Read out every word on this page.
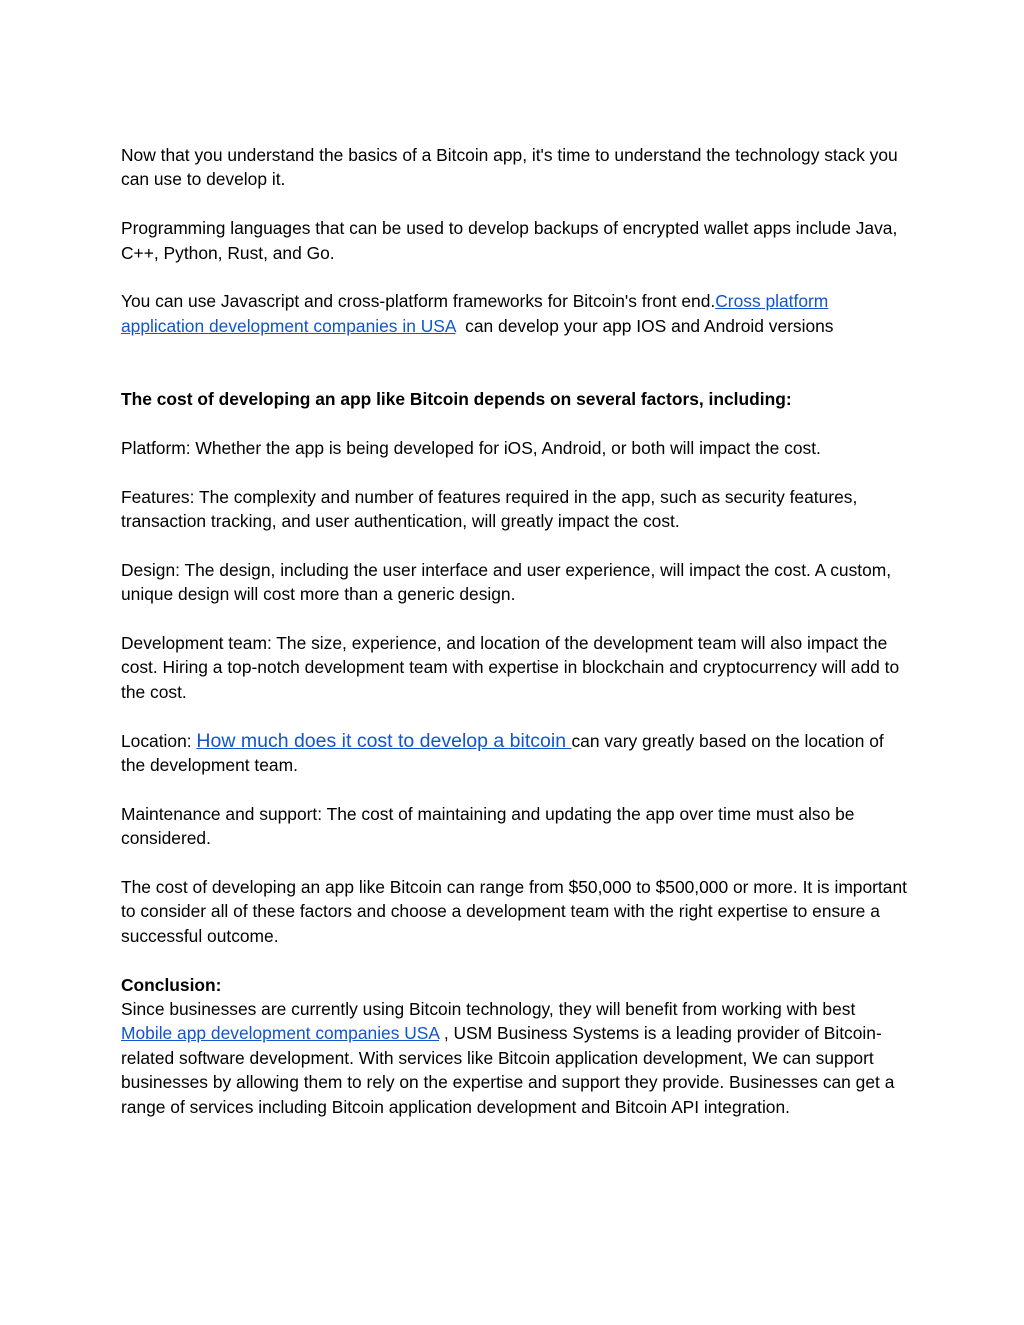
Now that you understand the basics of a Bitcoin app, it's time to understand the technology stack you can use to develop it.

Programming languages that can be used to develop backups of encrypted wallet apps include Java, C++, Python, Rust, and Go.

You can use Javascript and cross-platform frameworks for Bitcoin's front end.Cross platform application development companies in USA  can develop your app IOS and Android versions

The cost of developing an app like Bitcoin depends on several factors, including:

Platform: Whether the app is being developed for iOS, Android, or both will impact the cost.

Features: The complexity and number of features required in the app, such as security features, transaction tracking, and user authentication, will greatly impact the cost.

Design: The design, including the user interface and user experience, will impact the cost. A custom, unique design will cost more than a generic design.

Development team: The size, experience, and location of the development team will also impact the cost. Hiring a top-notch development team with expertise in blockchain and cryptocurrency will add to the cost.

Location: How much does it cost to develop a bitcoin can vary greatly based on the location of the development team.

Maintenance and support: The cost of maintaining and updating the app over time must also be considered.

The cost of developing an app like Bitcoin can range from $50,000 to $500,000 or more. It is important to consider all of these factors and choose a development team with the right expertise to ensure a successful outcome.

Conclusion:

Since businesses are currently using Bitcoin technology, they will benefit from working with best Mobile app development companies USA , USM Business Systems is a leading provider of Bitcoin-related software development. With services like Bitcoin application development, We can support businesses by allowing them to rely on the expertise and support they provide. Businesses can get a range of services including Bitcoin application development and Bitcoin API integration.
